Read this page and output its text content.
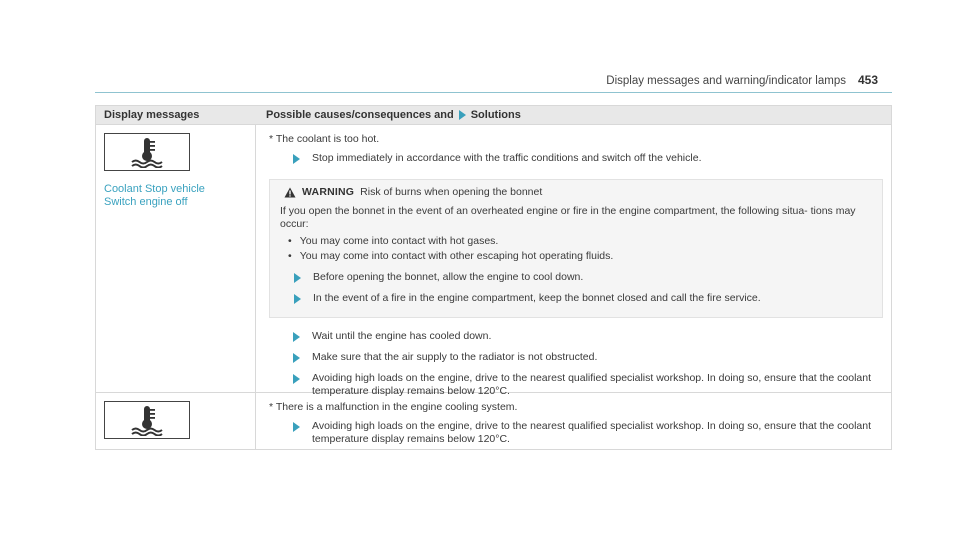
Display messages and warning/indicator lamps 453
Display messages	Possible causes/consequences and Solutions
Coolant Stop vehicle
Switch engine off
* The coolant is too hot.
Stop immediately in accordance with the traffic conditions and switch off the vehicle.
WARNING Risk of burns when opening the bonnet
If you open the bonnet in the event of an overheated engine or fire in the engine compartment, the following situa- tions may occur:
• You may come into contact with hot gases.
• You may come into contact with other escaping hot operating fluids.
Before opening the bonnet, allow the engine to cool down.
In the event of a fire in the engine compartment, keep the bonnet closed and call the fire service.
Wait until the engine has cooled down.
Make sure that the air supply to the radiator is not obstructed.
Avoiding high loads on the engine, drive to the nearest qualified specialist workshop. In doing so, ensure that the coolant temperature display remains below 120°C.
* There is a malfunction in the engine cooling system.
Avoiding high loads on the engine, drive to the nearest qualified specialist workshop. In doing so, ensure that the coolant temperature display remains below 120°C.
